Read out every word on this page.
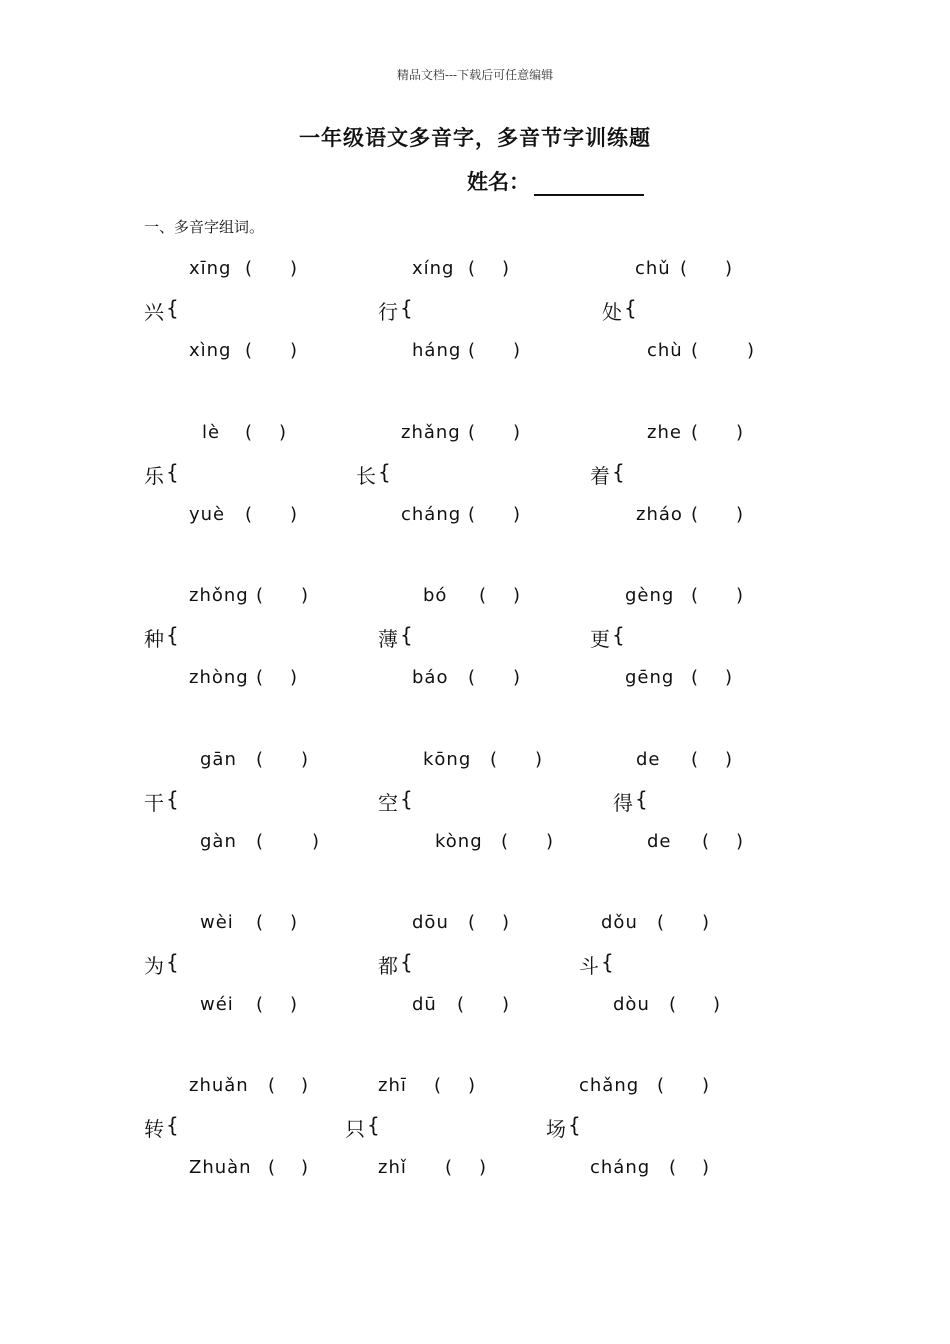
精品文档---下载后可任意编辑
一年级语文多音字，多音节字训练题
姓名：
一、多音字组词。
xīng ( )
兴 {
xìng ( )
xíng ( )
行 {
háng ( )
chǔ ( )
处 {
chù (	)
lè ( )
乐 {
yuè ( )
zhǎng ( )
长 {
cháng ( )
zhe ( )
着 {
zháo ( )
zhǒng ( )
种 {
zhòng ( )
bó ( )
薄 {
báo ( )
gèng ( )
更 {
gēng ( )
gān ( )
干 {
gàn (	)
kōng ( )
空 {
kòng ( )
de ( )
得 {
de ( )
wèi ( )
为 {
wéi ( )
dōu ( )
都 {
dū ( )
dǒu ( )
斗 {
dòu ( )
zhuǎn ( )
转 {
Zhuàn ( )
zhī ( )
只 {
zhǐ ( )
chǎng ( )
场 {
cháng ( )
